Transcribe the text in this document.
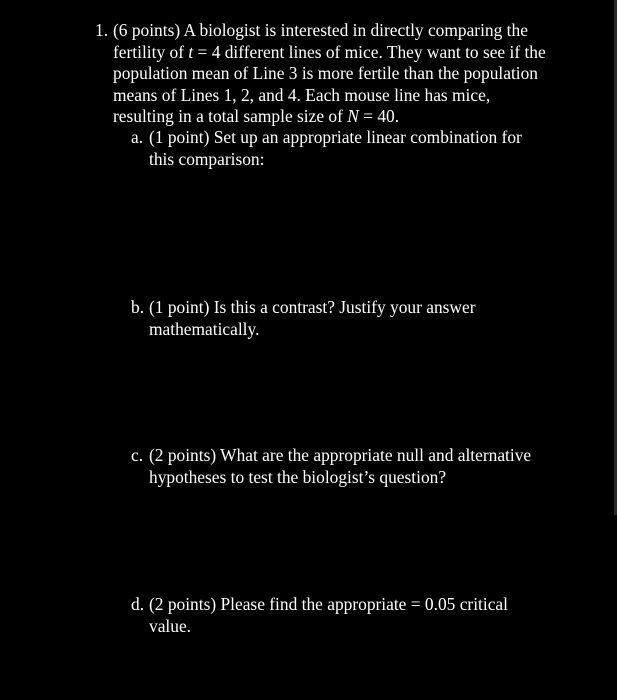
1. (6 points) A biologist is interested in directly comparing the fertility of t = 4 different lines of mice. They want to see if the population mean of Line 3 is more fertile than the population means of Lines 1, 2, and 4. Each mouse line has mice, resulting in a total sample size of N = 40.
a. (1 point) Set up an appropriate linear combination for this comparison:
b. (1 point) Is this a contrast? Justify your answer mathematically.
c. (2 points) What are the appropriate null and alternative hypotheses to test the biologist’s question?
d. (2 points) Please find the appropriate = 0.05 critical value.
